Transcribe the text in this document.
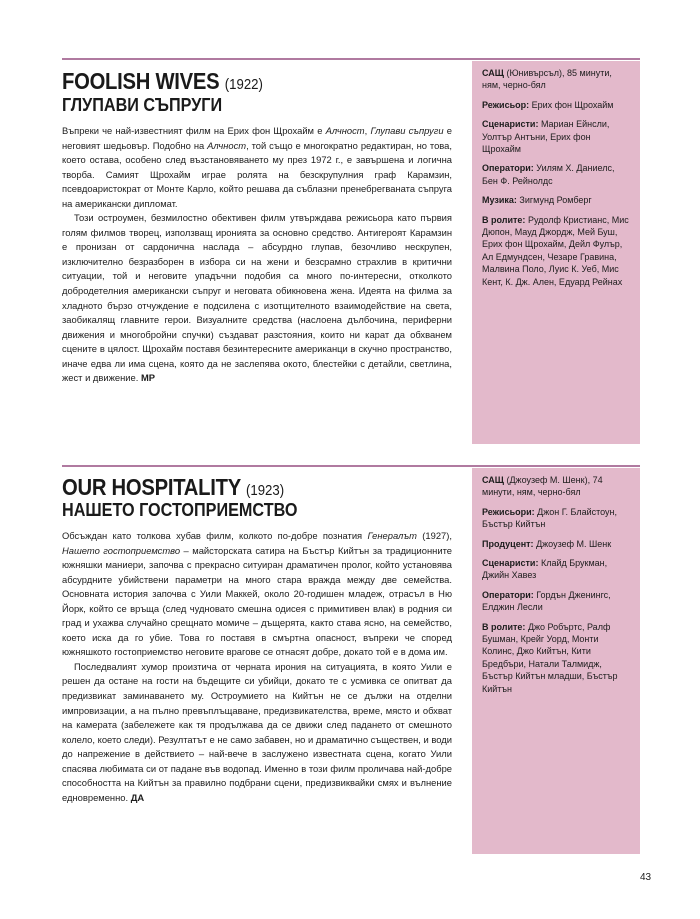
FOOLISH WIVES (1922)
ГЛУПАВИ СЪПРУГИ

Въпреки че най-известният филм на Ерих фон Щрохайм е Алчност, Глупави съпруги е неговият шедьовър. Подобно на Алчност, той също е многократно редактиран, но това, което остава, особено след възстановяването му през 1972 г., е завършена и логична творба. Самият Щрохайм играе ролята на безскрупулния граф Карамзин, псевдоаристократ от Монте Карло, който решава да съблазни пренебрегваната съпруга на американски дипломат.

Този остроумен, безмилостно обективен филм утвърждава режисьора като първия голям филмов творец, използващ иронията за основно средство. Антигероят Карамзин е пронизан от сардонична наслада – абсурдно глупав, безочливо нескрупен, изключително безразборен в избора си на жени и безсрамно страхлив в критични ситуации, той и неговите упадъчни подобия са много по-интересни, отколкото добродетелния американски съпруг и неговата обикновена жена. Идеята на филма за хладното бързо отчуждение е подсилена с изотщителното взаимодействие на света, заобикалящ главните герои. Визуалните средства (наслоена дълбочина, периферни движения и многобройни спучки) създават разстояния, които ни карат да обхванем сцените в цялост. Щрохайм поставя безинтересните американци в скучно пространство, иначе едва ли има сцена, която да не заслепява окото, блестейки с детайли, светлина, жест и движение. МР

САЩ (Юнивърсъл), 85 минути, ням, черно-бял

Режисьор: Ерих фон Щрохайм

Сценаристи: Мариан Ейнсли, Уолтър Антъни, Ерих фон Щрохайм

Оператори: Уилям Х. Даниелс, Бен Ф. Рейнолдс

Музика: Зигмунд Ромберг

В ролите: Рудолф Кристианс, Мис Дюпон, Мауд Джордж, Мей Буш, Ерих фон Щрохайм, Дейл Фулър, Ал Едмундсен, Чезаре Гравина, Малвина Поло, Луис К. Уеб, Мис Кент, К. Дж. Ален, Едуард Рейнах

OUR HOSPITALITY (1923)
НАШЕТО ГОСТОПРИЕМСТВО

Обсъждан като толкова хубав филм, колкото по-добре познатия Генералът (1927), Нашето гостоприемство – майсторската сатира на Бъстър Кийтън за традиционните южняшки маниери, започва с прекрасно ситуиран драматичен пролог, който установява абсурдните убийствени параметри на много стара вражда между две семейства. Основната история започва с Уили Маккей, около 20-годишен младеж, отрасъл в Ню Йорк, който се връща (след чудновато смешна одисея с примитивен влак) в родния си град и ухажва случайно срещнато момиче – дъщерята, както става ясно, на семейство, което иска да го убие. Това го поставя в смъртна опасност, въпреки че според южняшкото гостоприемство неговите врагове се отнасят добре, докато той е в дома им.

Последвалият хумор произтича от черната ирония на ситуацията, в която Уили е решен да остане на гости на бъдещите си убийци, докато те с усмивка се опитват да предизвикат заминаването му. Остроумието на Кийтън не се дължи на отделни импровизации, а на пълно превъплъщаване, предизвикателства, време, място и обхват на камерата (забележете как тя продължава да се движи след падането от смешното колело, което следи). Резултатът е не само забавен, но и драматично съществен, и води до напрежение в действието – най-вече в заслужено известната сцена, когато Уили спасява любимата си от падане във водопад. Именно в този филм проличава най-добре способността на Кийтън за правилно подбрани сцени, предизвиквайки смях и вълнение едновременно. ДА

САЩ (Джоузеф М. Шенк), 74 минути, ням, черно-бял

Режисьори: Джон Г. Блайстоун, Бъстър Кийтън

Продуцент: Джоузеф М. Шенк

Сценаристи: Клайд Брукман, Джийн Хавез

Оператори: Гордън Дженингс, Елджин Лесли

В ролите: Джо Робъртс, Ралф Бушман, Крейг Уорд, Монти Колинс, Джо Кийтън, Кити Бредбъри, Натали Талмидж, Бъстър Кийтън младши, Бъстър Кийтън

43
